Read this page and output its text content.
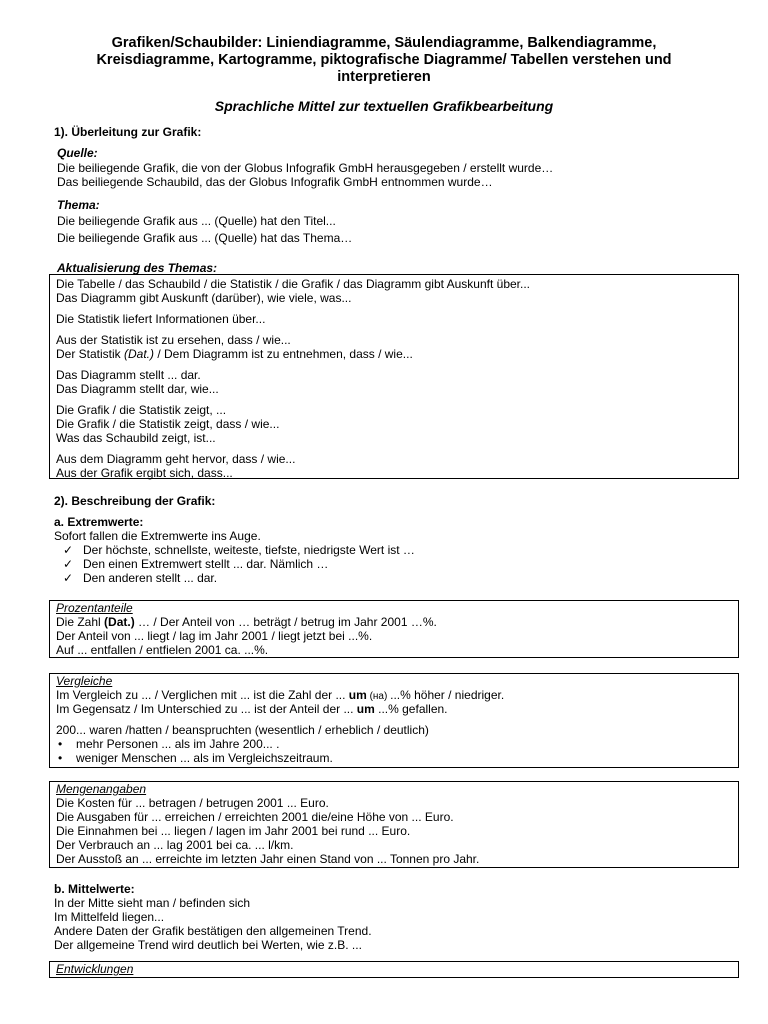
Grafiken/Schaubilder: Liniendiagramme, Säulendiagramme, Balkendiagramme,
Kreisdiagramme, Kartogramme, piktografische Diagramme/ Tabellen verstehen und
interpretieren
Sprachliche Mittel zur textuellen Grafikbearbeitung
1). Überleitung zur Grafik:
Quelle:
Die beiliegende Grafik, die von der Globus Infografik GmbH herausgegeben / erstellt wurde…
Das beiliegende Schaubild, das der Globus Infografik GmbH entnommen wurde…
Thema:
Die beiliegende Grafik aus ... (Quelle) hat den Titel...
Die beiliegende Grafik aus ... (Quelle) hat das Thema…
Aktualisierung des Themas:
Die Tabelle / das Schaubild / die Statistik / die Grafik / das Diagramm gibt Auskunft über...
Das Diagramm gibt Auskunft (darüber), wie viele, was...
Die Statistik liefert Informationen über...
Aus der Statistik ist zu ersehen, dass / wie...
Der Statistik (Dat.) / Dem Diagramm ist zu entnehmen, dass / wie...
Das Diagramm stellt ... dar.
Das Diagramm stellt dar, wie...
Die Grafik / die Statistik zeigt, ...
Die Grafik / die Statistik zeigt, dass / wie...
Was das Schaubild zeigt, ist...
Aus dem Diagramm geht hervor, dass / wie...
Aus der Grafik ergibt sich, dass...
2). Beschreibung der Grafik:
a. Extremwerte:
Sofort fallen die Extremwerte ins Auge.
✓ Der höchste, schnellste, weiteste, tiefste, niedrigste Wert ist …
✓ Den einen Extremwert stellt ... dar. Nämlich …
✓ Den anderen stellt ... dar.
Prozentanteile
Die Zahl (Dat.) … / Der Anteil von … beträgt / betrug im Jahr 2001 …%.
Der Anteil von ... liegt / lag im Jahr 2001 / liegt jetzt bei ...%.
Auf ... entfallen / entfielen 2001 ca. ...%.
Vergleiche
Im Vergleich zu ... / Verglichen mit ... ist die Zahl der ... um (на) ...% höher / niedriger.
Im Gegensatz / Im Unterschied zu ... ist der Anteil der ... um ...% gefallen.
200... waren /hatten / beanspruchten (wesentlich / erheblich / deutlich)
• mehr Personen ... als im Jahre 200... .
• weniger Menschen ... als im Vergleichszeitraum.
Mengenangaben
Die Kosten für ... betragen / betrugen 2001 ... Euro.
Die Ausgaben für ... erreichen / erreichten 2001 die/eine Höhe von ... Euro.
Die Einnahmen bei ... liegen / lagen im Jahr 2001 bei rund ... Euro.
Der Verbrauch an ... lag 2001 bei ca. ... l/km.
Der Ausstoß an ... erreichte im letzten Jahr einen Stand von ... Tonnen pro Jahr.
b. Mittelwerte:
In der Mitte sieht man / befinden sich
Im Mittelfeld liegen...
Andere Daten der Grafik bestätigen den allgemeinen Trend.
Der allgemeine Trend wird deutlich bei Werten, wie z.B. ...
Entwicklungen
